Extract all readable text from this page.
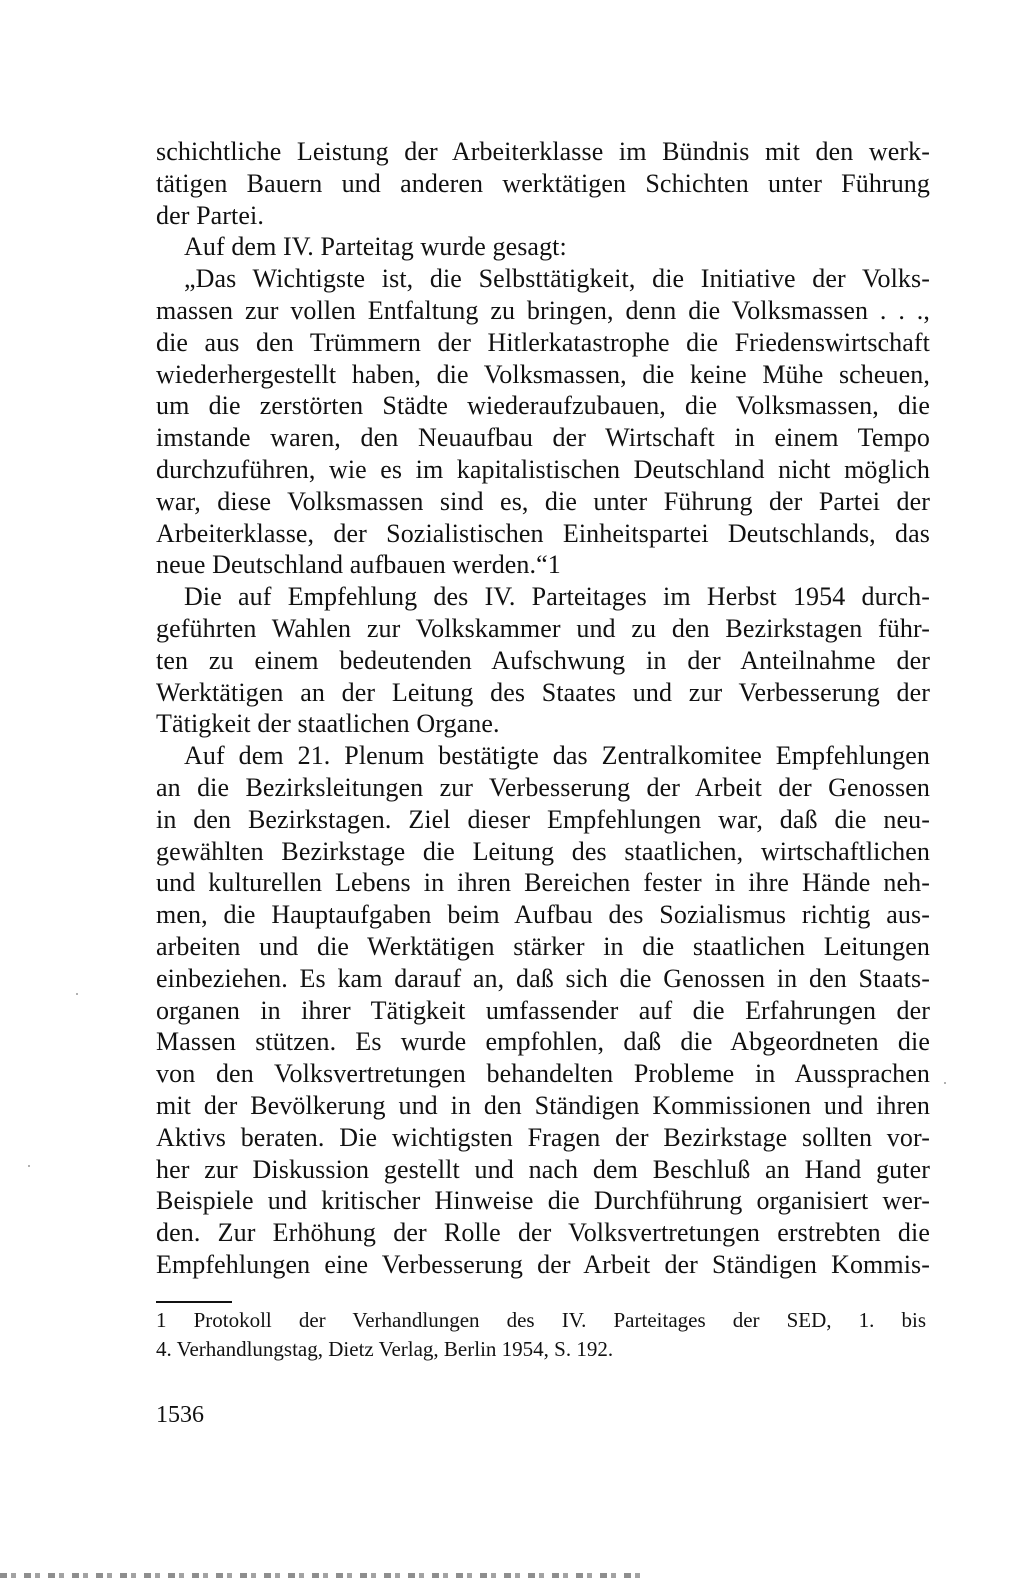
schichtliche Leistung der Arbeiterklasse im Bündnis mit den werk-
tätigen Bauern und anderen werktätigen Schichten unter Führung
der Partei.
Auf dem IV. Parteitag wurde gesagt:
„Das Wichtigste ist, die Selbsttätigkeit, die Initiative der Volks-
massen zur vollen Entfaltung zu bringen, denn die Volksmassen . . .,
die aus den Trümmern der Hitlerkatastrophe die Friedenswirtschaft
wiederhergestellt haben, die Volksmassen, die keine Mühe scheuen,
um die zerstörten Städte wiederaufzubauen, die Volksmassen, die
imstande waren, den Neuaufbau der Wirtschaft in einem Tempo
durchzuführen, wie es im kapitalistischen Deutschland nicht möglich
war, diese Volksmassen sind es, die unter Führung der Partei der
Arbeiterklasse, der Sozialistischen Einheitspartei Deutschlands, das
neue Deutschland aufbauen werden.“1
Die auf Empfehlung des IV. Parteitages im Herbst 1954 durch-
geführten Wahlen zur Volkskammer und zu den Bezirkstagen führ-
ten zu einem bedeutenden Aufschwung in der Anteilnahme der
Werktätigen an der Leitung des Staates und zur Verbesserung der
Tätigkeit der staatlichen Organe.
Auf dem 21. Plenum bestätigte das Zentralkomitee Empfehlungen
an die Bezirksleitungen zur Verbesserung der Arbeit der Genossen
in den Bezirkstagen. Ziel dieser Empfehlungen war, daß die neu-
gewählten Bezirkstage die Leitung des staatlichen, wirtschaftlichen
und kulturellen Lebens in ihren Bereichen fester in ihre Hände neh-
men, die Hauptaufgaben beim Aufbau des Sozialismus richtig aus-
arbeiten und die Werktätigen stärker in die staatlichen Leitungen
einbeziehen. Es kam darauf an, daß sich die Genossen in den Staats-
organen in ihrer Tätigkeit umfassender auf die Erfahrungen der
Massen stützen. Es wurde empfohlen, daß die Abgeordneten die
von den Volksvertretungen behandelten Probleme in Aussprachen
mit der Bevölkerung und in den Ständigen Kommissionen und ihren
Aktivs beraten. Die wichtigsten Fragen der Bezirkstage sollten vor-
her zur Diskussion gestellt und nach dem Beschluß an Hand guter
Beispiele und kritischer Hinweise die Durchführung organisiert wer-
den. Zur Erhöhung der Rolle der Volksvertretungen erstrebten die
Empfehlungen eine Verbesserung der Arbeit der Ständigen Kommis-
1 Protokoll der Verhandlungen des IV. Parteitages der SED, 1. bis
4. Verhandlungstag, Dietz Verlag, Berlin 1954, S. 192.
1536
